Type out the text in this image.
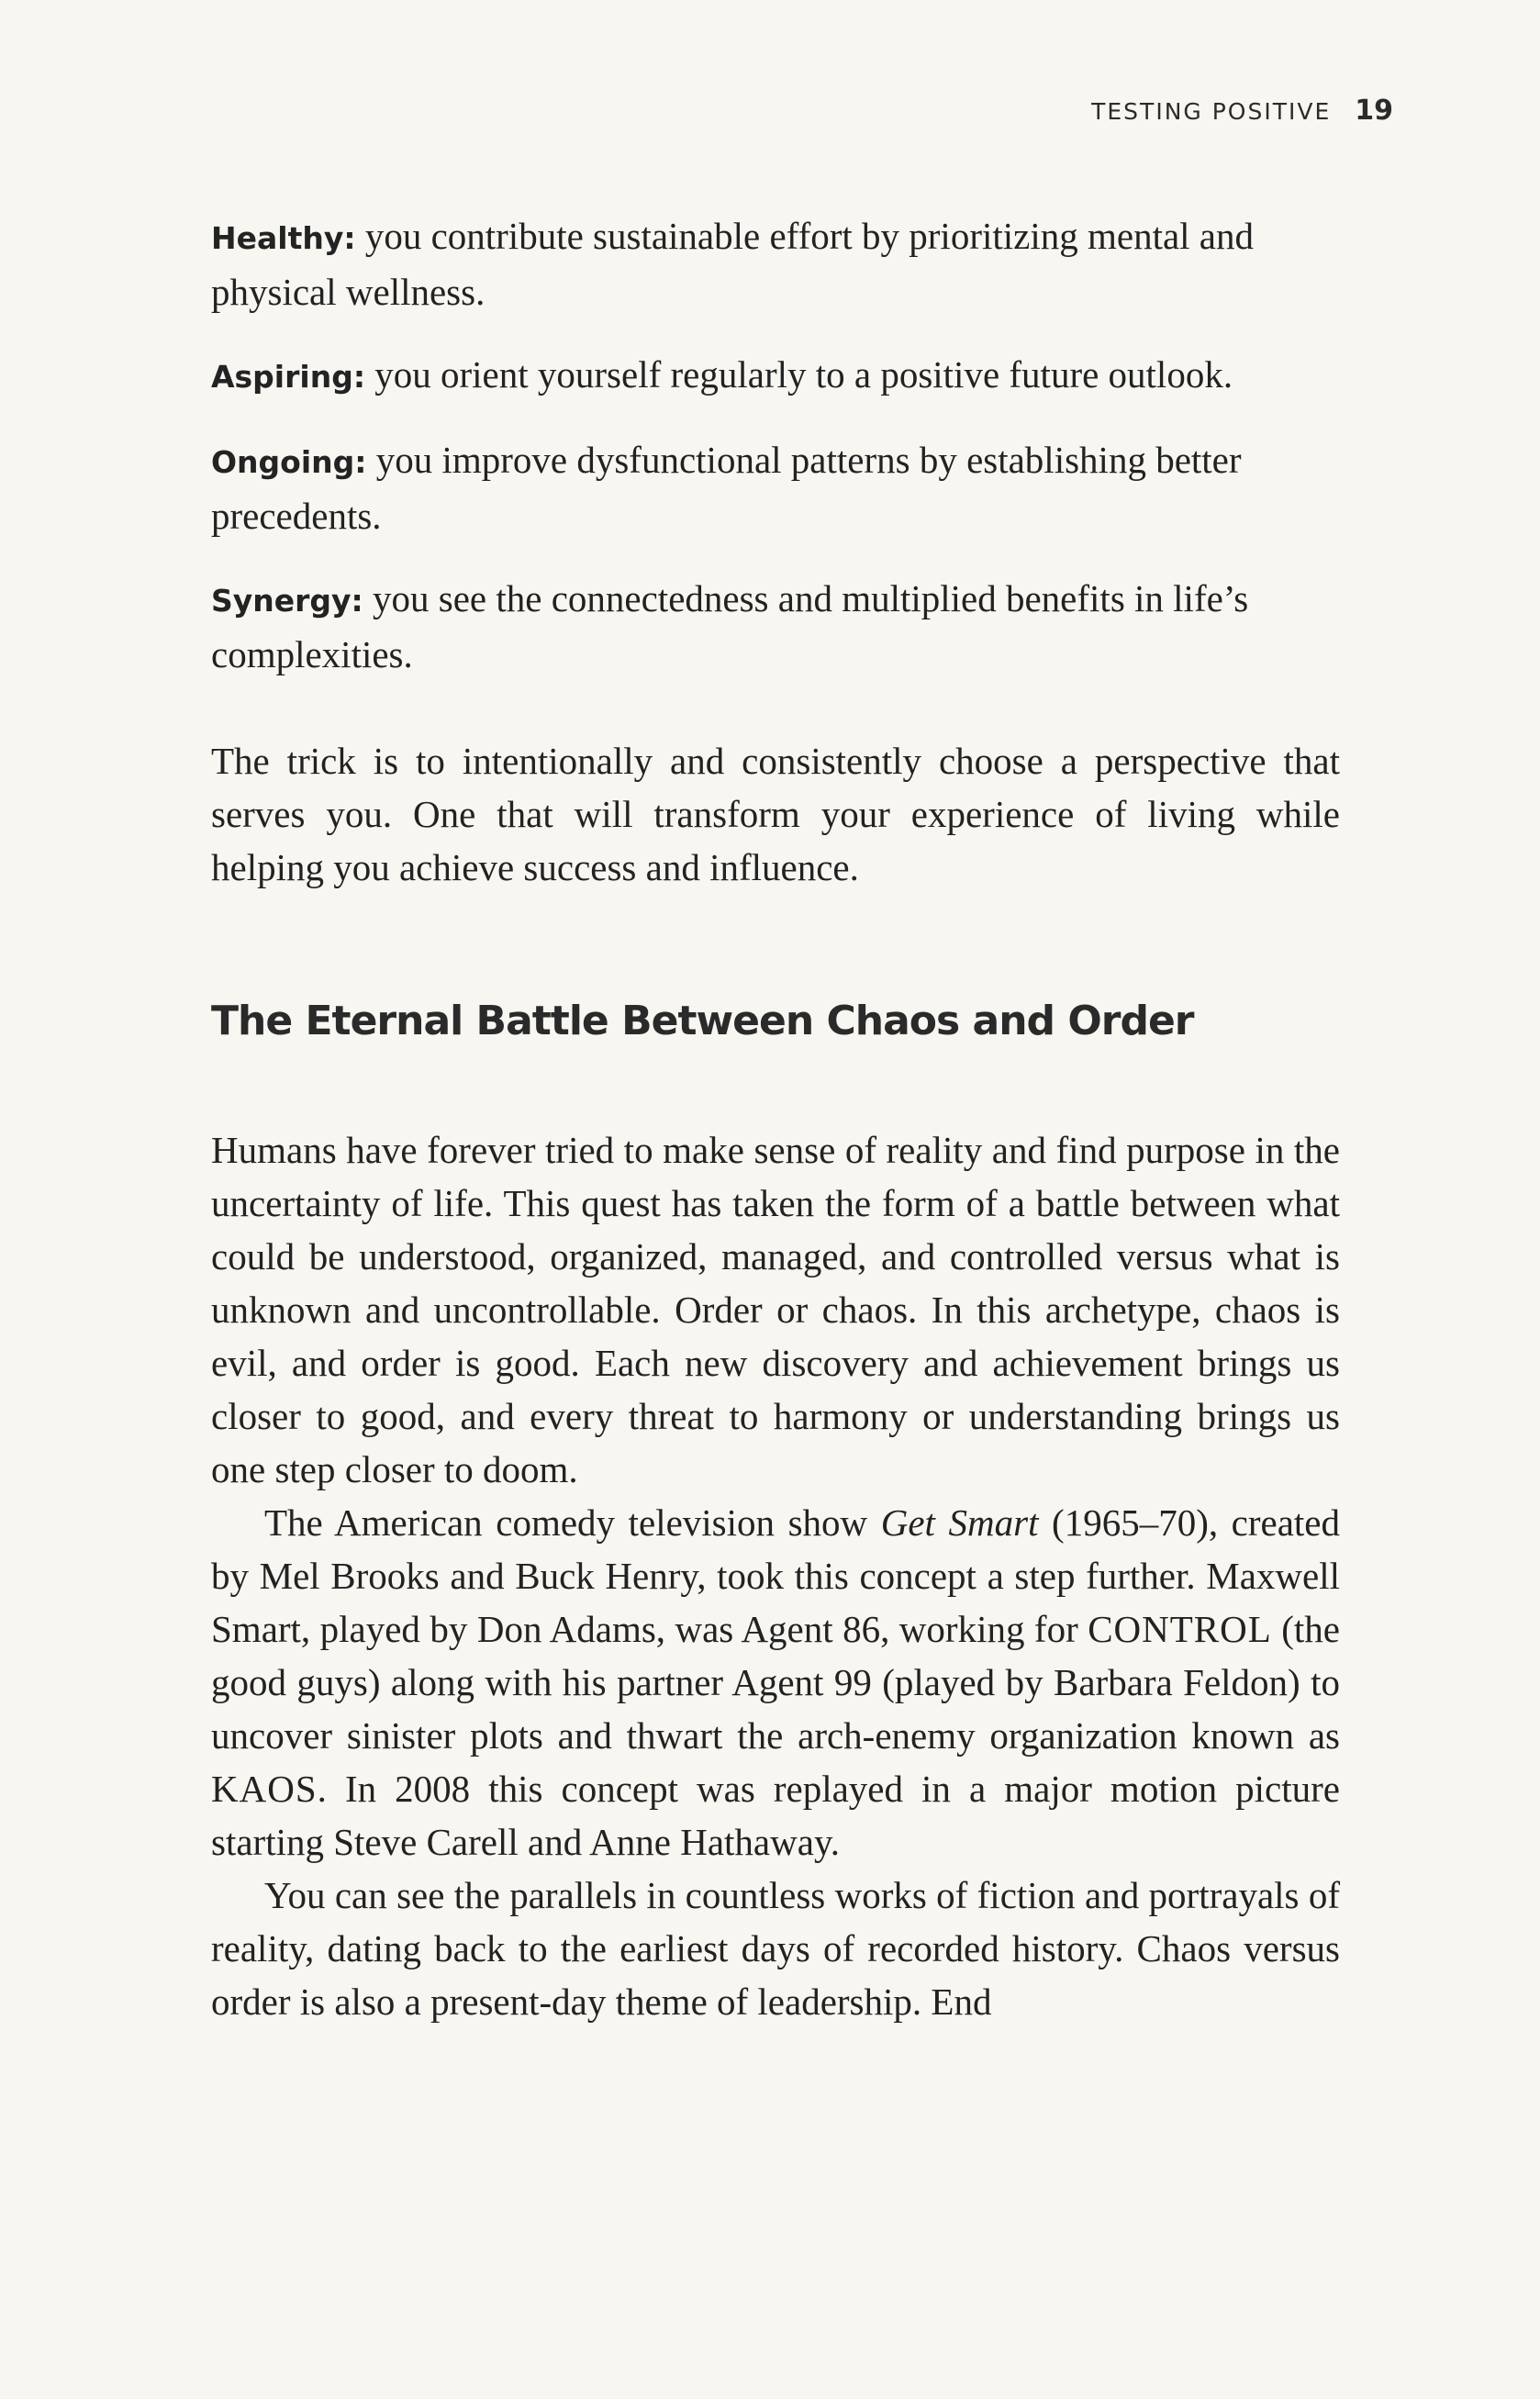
TESTING POSITIVE 19

Healthy: you contribute sustainable effort by prioritizing mental and physical wellness.

Aspiring: you orient yourself regularly to a positive future outlook.

Ongoing: you improve dysfunctional patterns by establishing better precedents.

Synergy: you see the connectedness and multiplied benefits in life’s complexities.

The trick is to intentionally and consistently choose a perspective that serves you. One that will transform your experience of living while helping you achieve success and influence.

The Eternal Battle Between Chaos and Order

Humans have forever tried to make sense of reality and find purpose in the uncertainty of life. This quest has taken the form of a battle between what could be understood, organized, managed, and controlled versus what is unknown and uncontrollable. Order or chaos. In this archetype, chaos is evil, and order is good. Each new discovery and achievement brings us closer to good, and every threat to harmony or understanding brings us one step closer to doom.

The American comedy television show Get Smart (1965–70), created by Mel Brooks and Buck Henry, took this concept a step further. Maxwell Smart, played by Don Adams, was Agent 86, working for CONTROL (the good guys) along with his partner Agent 99 (played by Barbara Feldon) to uncover sinister plots and thwart the arch-enemy organization known as KAOS. In 2008 this concept was replayed in a major motion picture starting Steve Carell and Anne Hathaway.

You can see the parallels in countless works of fiction and portrayals of reality, dating back to the earliest days of recorded history. Chaos versus order is also a present-day theme of leadership. End
